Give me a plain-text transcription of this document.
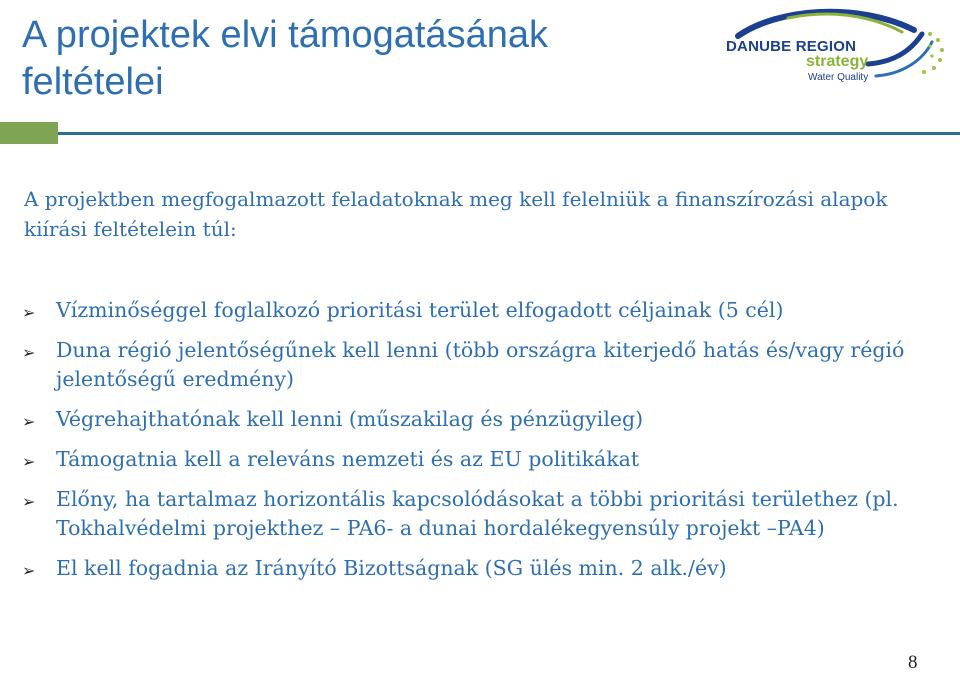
A projektek elvi támogatásának feltételei
DANUBE REGION
strategy
Water Quality

A projektben megfogalmazott feladatoknak meg kell felelniük a finanszírozási alapok kiírási feltételein túl:

➢ Vízminőséggel foglalkozó prioritási terület elfogadott céljainak (5 cél)
➢ Duna régió jelentőségűnek kell lenni (több országra kiterjedő hatás és/vagy régió jelentőségű eredmény)
➢ Végrehajthatónak kell lenni (műszakilag és pénzügyileg)
➢ Támogatnia kell a releváns nemzeti és az EU politikákat
➢ Előny, ha tartalmaz horizontális kapcsolódásokat a többi prioritási területhez (pl. Tokhalvédelmi projekthez – PA6- a dunai hordalékegyensúly projekt –PA4)
➢ El kell fogadnia az Irányító Bizottságnak (SG ülés min. 2 alk./év)

8
